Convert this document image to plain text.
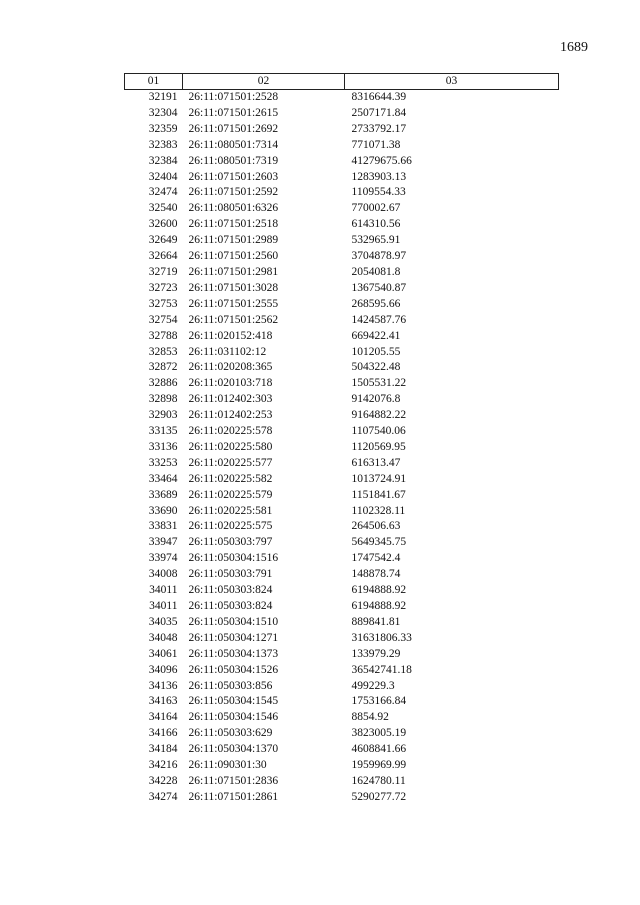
1689
01	02	03
32191	26:11:071501:2528	8316644.39
32304	26:11:071501:2615	2507171.84
32359	26:11:071501:2692	2733792.17
32383	26:11:080501:7314	771071.38
32384	26:11:080501:7319	41279675.66
32404	26:11:071501:2603	1283903.13
32474	26:11:071501:2592	1109554.33
32540	26:11:080501:6326	770002.67
32600	26:11:071501:2518	614310.56
32649	26:11:071501:2989	532965.91
32664	26:11:071501:2560	3704878.97
32719	26:11:071501:2981	2054081.8
32723	26:11:071501:3028	1367540.87
32753	26:11:071501:2555	268595.66
32754	26:11:071501:2562	1424587.76
32788	26:11:020152:418	669422.41
32853	26:11:031102:12	101205.55
32872	26:11:020208:365	504322.48
32886	26:11:020103:718	1505531.22
32898	26:11:012402:303	9142076.8
32903	26:11:012402:253	9164882.22
33135	26:11:020225:578	1107540.06
33136	26:11:020225:580	1120569.95
33253	26:11:020225:577	616313.47
33464	26:11:020225:582	1013724.91
33689	26:11:020225:579	1151841.67
33690	26:11:020225:581	1102328.11
33831	26:11:020225:575	264506.63
33947	26:11:050303:797	5649345.75
33974	26:11:050304:1516	1747542.4
34008	26:11:050303:791	148878.74
34011	26:11:050303:824	6194888.92
34011	26:11:050303:824	6194888.92
34035	26:11:050304:1510	889841.81
34048	26:11:050304:1271	31631806.33
34061	26:11:050304:1373	133979.29
34096	26:11:050304:1526	36542741.18
34136	26:11:050303:856	499229.3
34163	26:11:050304:1545	1753166.84
34164	26:11:050304:1546	8854.92
34166	26:11:050303:629	3823005.19
34184	26:11:050304:1370	4608841.66
34216	26:11:090301:30	1959969.99
34228	26:11:071501:2836	1624780.11
34274	26:11:071501:2861	5290277.72
